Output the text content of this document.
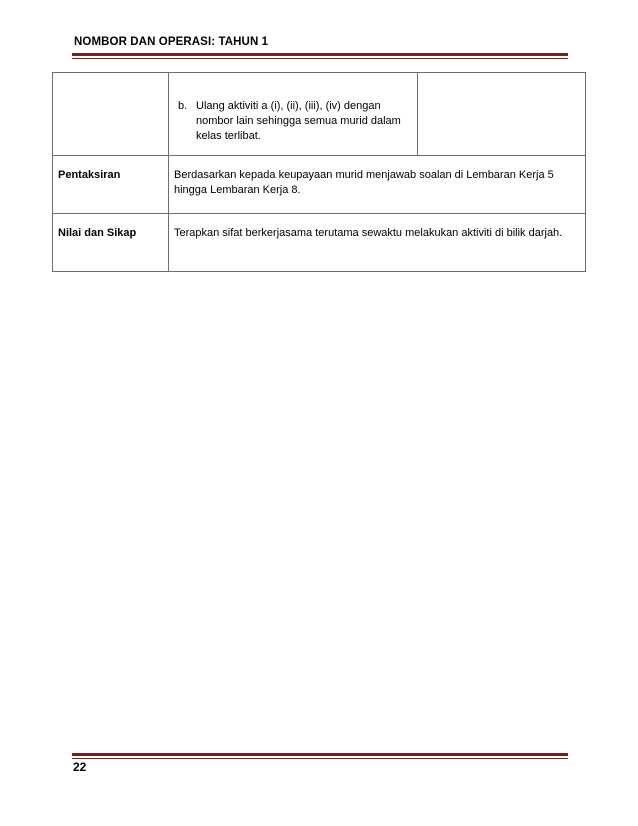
NOMBOR DAN OPERASI: TAHUN 1

	b. Ulang aktiviti a (i), (ii), (iii), (iv) dengan nombor lain sehingga semua murid dalam kelas terlibat.	

Pentaksiran	Berdasarkan kepada keupayaan murid menjawab soalan di Lembaran Kerja 5 hingga Lembaran Kerja 8.	
Nilai dan Sikap	Terapkan sifat berkerjasama terutama sewaktu melakukan aktiviti di bilik darjah.	
22
